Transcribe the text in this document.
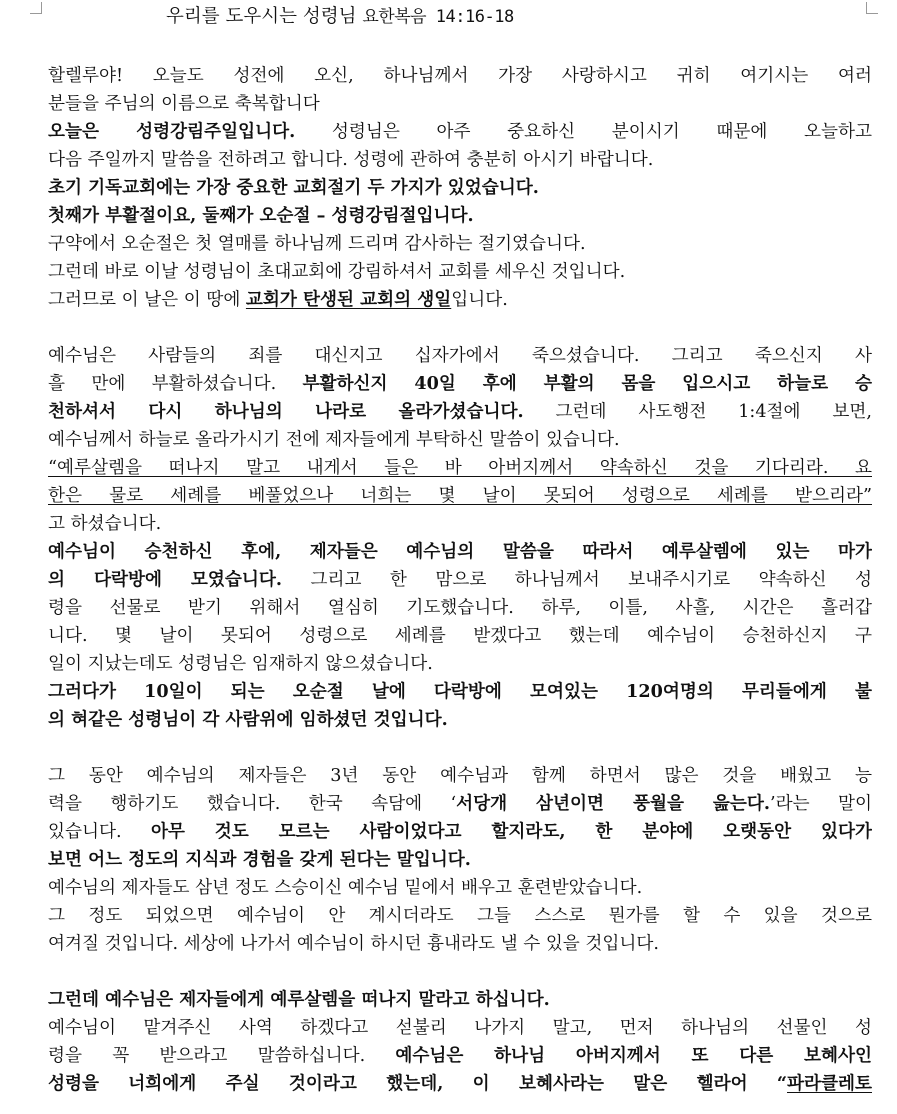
우리를 도우시는 성령님 요한복음 14:16-18
할렐루야! 오늘도 성전에 오신, 하나님께서 가장 사랑하시고 귀히 여기시는 여러
분들을 주님의 이름으로 축복합니다
오늘은 성령강림주일입니다. 성령님은 아주 중요하신 분이시기 때문에 오늘하고
다음 주일까지 말씀을 전하려고 합니다. 성령에 관하여 충분히 아시기 바랍니다.
초기 기독교회에는 가장 중요한 교회절기 두 가지가 있었습니다.
첫째가 부활절이요, 둘째가 오순절 – 성령강림절입니다.
구약에서 오순절은 첫 열매를 하나님께 드리며 감사하는 절기였습니다.
그런데 바로 이날 성령님이 초대교회에 강림하셔서 교회를 세우신 것입니다.
그러므로 이 날은 이 땅에 교회가 탄생된 교회의 생일입니다.
예수님은 사람들의 죄를 대신지고 십자가에서 죽으셨습니다. 그리고 죽으신지 사
흘 만에 부활하셨습니다. 부활하신지 40일 후에 부활의 몸을 입으시고 하늘로 승
천하셔서 다시 하나님의 나라로 올라가셨습니다. 그런데 사도행전 1:4절에 보면,
예수님께서 하늘로 올라가시기 전에 제자들에게 부탁하신 말씀이 있습니다.
“예루살렘을 떠나지 말고 내게서 들은 바 아버지께서 약속하신 것을 기다리라. 요
한은 물로 세례를 베풀었으나 너희는 몇 날이 못되어 성령으로 세례를 받으리라”
고 하셨습니다.
예수님이 승천하신 후에, 제자들은 예수님의 말씀을 따라서 예루살렘에 있는 마가
의 다락방에 모였습니다. 그리고 한 맘으로 하나님께서 보내주시기로 약속하신 성
령을 선물로 받기 위해서 열심히 기도했습니다. 하루, 이틀, 사흘, 시간은 흘러갑
니다. 몇 날이 못되어 성령으로 세례를 받겠다고 했는데 예수님이 승천하신지 구
일이 지났는데도 성령님은 임재하지 않으셨습니다.
그러다가 10일이 되는 오순절 날에 다락방에 모여있는 120여명의 무리들에게 불
의 혀같은 성령님이 각 사람위에 임하셨던 것입니다.
그 동안 예수님의 제자들은 3년 동안 예수님과 함께 하면서 많은 것을 배웠고 능
력을 행하기도 했습니다. 한국 속담에 ‘서당개 삼년이면 풍월을 읊는다.’라는 말이
있습니다. 아무 것도 모르는 사람이었다고 할지라도, 한 분야에 오랫동안 있다가
보면 어느 정도의 지식과 경험을 갖게 된다는 말입니다.
예수님의 제자들도 삼년 정도 스승이신 예수님 밑에서 배우고 훈련받았습니다.
그 정도 되었으면 예수님이 안 계시더라도 그들 스스로 뭔가를 할 수 있을 것으로
여겨질 것입니다. 세상에 나가서 예수님이 하시던 흉내라도 낼 수 있을 것입니다.
그런데 예수님은 제자들에게 예루살렘을 떠나지 말라고 하십니다.
예수님이 맡겨주신 사역 하겠다고 섣불리 나가지 말고, 먼저 하나님의 선물인 성
령을 꼭 받으라고 말씀하십니다. 예수님은 하나님 아버지께서 또 다른 보혜사인
성령을 너희에게 주실 것이라고 했는데, 이 보혜사라는 말은 헬라어 “파라클레토
